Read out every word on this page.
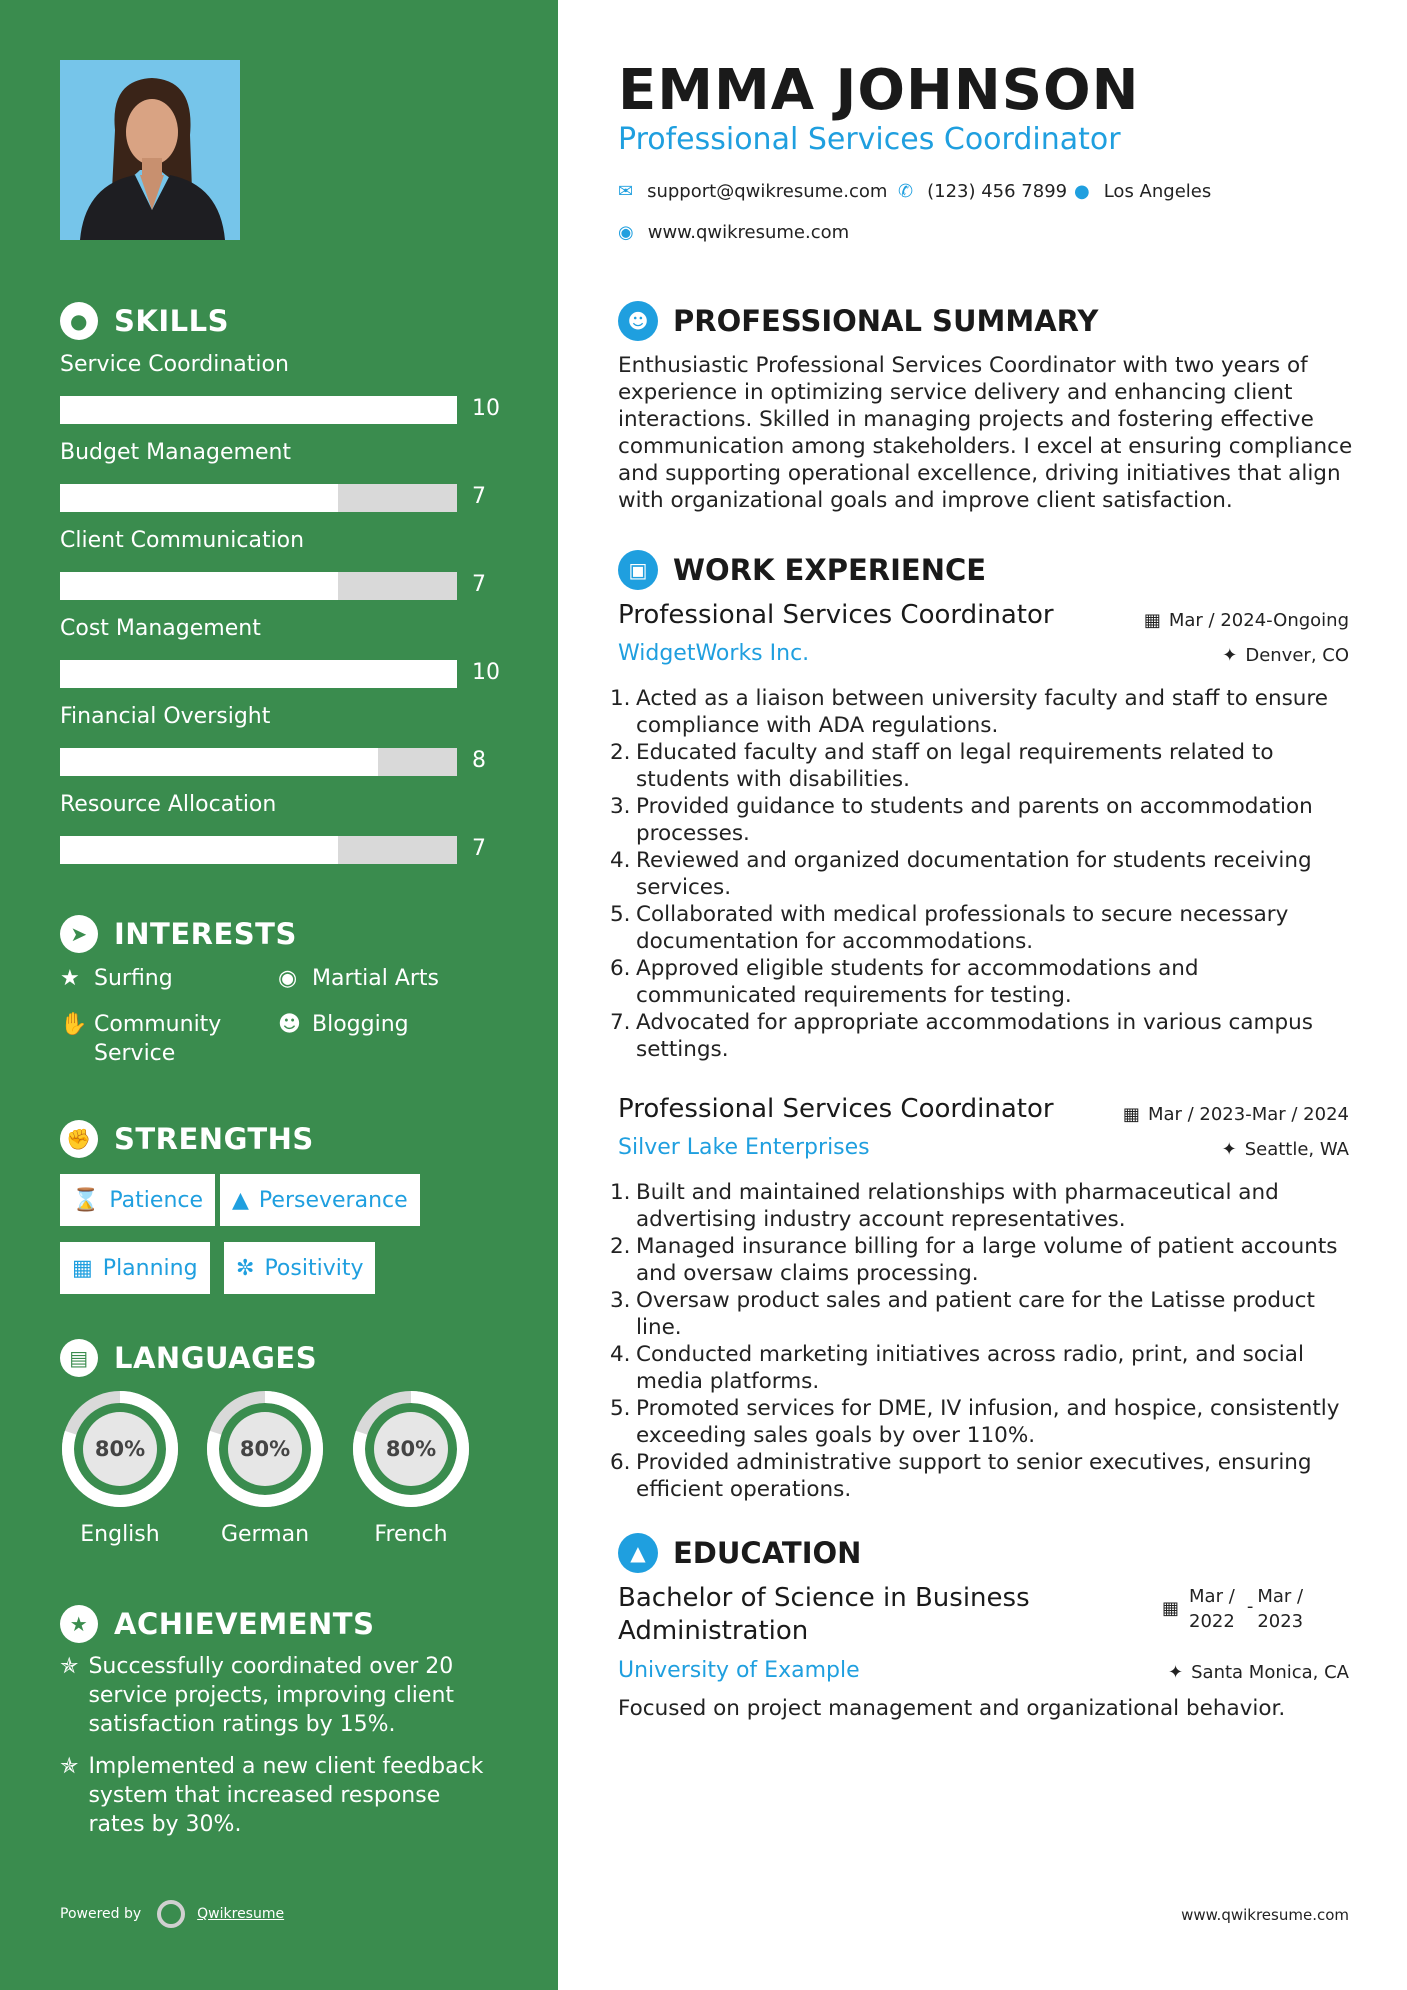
● SKILLS
Service Coordination
10
Budget Management
7
Client Communication
7
Cost Management
10
Financial Oversight
8
Resource Allocation
7
➤ INTERESTS
★ Surfing	◉ Martial Arts
✋ Community Service
☻ Blogging
✊ STRENGTHS
⌛ Patience ▲ Perseverance
▦ Planning ✼ Positivity
▤ LANGUAGES
80%
English
80%
German
80%
French
★ ACHIEVEMENTS
✯ Successfully coordinated over 20 service projects, improving client satisfaction ratings by 15%.
✯ Implemented a new client feedback system that increased response rates by 30%.
Powered by	Qwikresume
EMMA JOHNSON
Professional Services Coordinator
✉ support@qwikresume.com ✆ (123) 456 7899 ● Los Angeles
◉ www.qwikresume.com
☻ PROFESSIONAL SUMMARY
Enthusiastic Professional Services Coordinator with two years of experience in optimizing service delivery and enhancing client interactions. Skilled in managing projects and fostering effective communication among stakeholders. I excel at ensuring compliance and supporting operational excellence, driving initiatives that align with organizational goals and improve client satisfaction.
▣ WORK EXPERIENCE
Professional Services Coordinator	▦ Mar / 2024-Ongoing
WidgetWorks Inc.	✦ Denver, CO
1. Acted as a liaison between university faculty and staff to ensure compliance with ADA regulations.
2. Educated faculty and staff on legal requirements related to students with disabilities.
3. Provided guidance to students and parents on accommodation processes.
4. Reviewed and organized documentation for students receiving services.
5. Collaborated with medical professionals to secure necessary documentation for accommodations.
6. Approved eligible students for accommodations and communicated requirements for testing.
7. Advocated for appropriate accommodations in various campus settings.
Professional Services Coordinator	▦ Mar / 2023-Mar / 2024
Silver Lake Enterprises	✦ Seattle, WA
1. Built and maintained relationships with pharmaceutical and advertising industry account representatives.
2. Managed insurance billing for a large volume of patient accounts and oversaw claims processing.
3. Oversaw product sales and patient care for the Latisse product line.
4. Conducted marketing initiatives across radio, print, and social media platforms.
5. Promoted services for DME, IV infusion, and hospice, consistently exceeding sales goals by over 110%.
6. Provided administrative support to senior executives, ensuring efficient operations.
▲ EDUCATION
Bachelor of Science in Business Administration
▦
Mar /
2022
- Mar /
2023
University of Example	✦ Santa Monica, CA
Focused on project management and organizational behavior.
www.qwikresume.com
